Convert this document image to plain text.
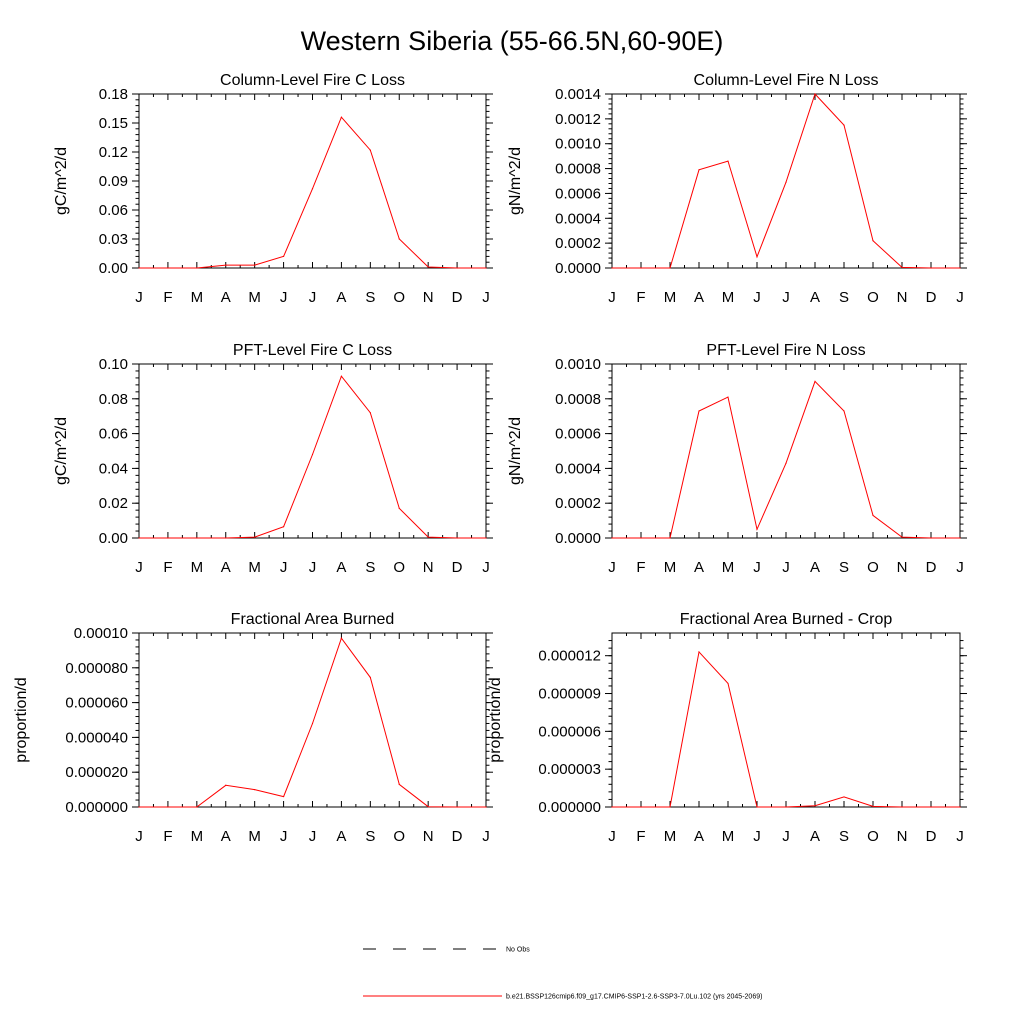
Western Siberia (55-66.5N,60-90E)
Column-Level Fire C Loss
J F M A M J J A S O N D J
0.00
0.03
0.06
0.09
0.12
0.15
0.18
gC/m^2/d
Column-Level Fire N Loss
J F M A M J J A S O N D J
0.0000
0.0002
0.0004
0.0006
0.0008
0.0010
0.0012
0.0014
gN/m^2/d
PFT-Level Fire C Loss
J F M A M J J A S O N D J
0.00
0.02
0.04
0.06
0.08
0.10
gC/m^2/d
PFT-Level Fire N Loss
J F M A M J J A S O N D J
0.0000
0.0002
0.0004
0.0006
0.0008
0.0010
gN/m^2/d
Fractional Area Burned
J F M A M J J A S O N D J
0.000000
0.000020
0.000040
0.000060
0.000080
0.00010
proportion/d
Fractional Area Burned - Crop
J F M A M J J A S O N D J
0.000000
0.000003
0.000006
0.000009
0.000012
proportion/d
No Obs
b.e21.BSSP126cmip6.f09_g17.CMIP6-SSP1-2.6-SSP3-7.0Lu.102 (yrs 2045-2069)
